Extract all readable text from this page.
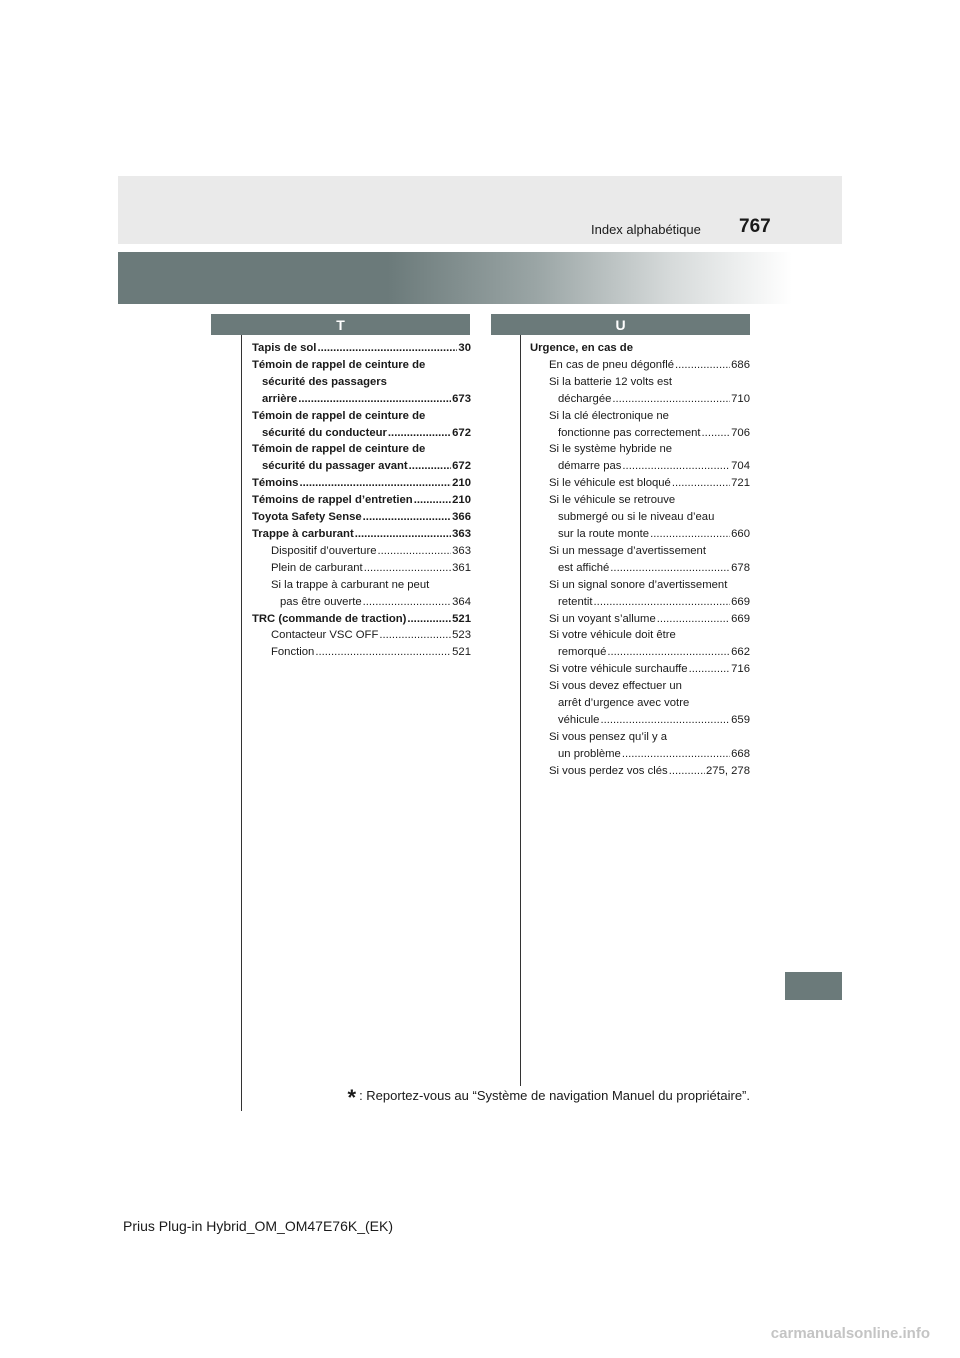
Index alphabétique 767
T	U
Tapis de sol .....	30
Témoin de rappel de ceinture de
sécurité des passagers
arrière .....	673
Témoin de rappel de ceinture de
sécurité du conducteur .....	672
Témoin de rappel de ceinture de
sécurité du passager avant .....	672
Témoins .....	210
Témoins de rappel d’entretien .....	210
Toyota Safety Sense .....	366
Trappe à carburant .....	363
Dispositif d’ouverture .....	363
Plein de carburant .....	361
Si la trappe à carburant ne peut
pas être ouverte .....	364
TRC (commande de traction) .....	521
Contacteur VSC OFF .....	523
Fonction .....	521
Urgence, en cas de
En cas de pneu dégonflé .....	686
Si la batterie 12 volts est
déchargée .....	710
Si la clé électronique ne
fonctionne pas correctement .....	706
Si le système hybride ne
démarre pas .....	704
Si le véhicule est bloqué .....	721
Si le véhicule se retrouve
submergé ou si le niveau d’eau
sur la route monte .....	660
Si un message d’avertissement
est affiché .....	678
Si un signal sonore d’avertissement
retentit .....	669
Si un voyant s’allume .....	669
Si votre véhicule doit être
remorqué .....	662
Si votre véhicule surchauffe .....	716
Si vous devez effectuer un
arrêt d’urgence avec votre
véhicule .....	659
Si vous pensez qu’il y a
un problème .....	668
Si vous perdez vos clés .....	275, 278
* : Reportez-vous au “Système de navigation Manuel du propriétaire”.
Prius Plug-in Hybrid_OM_OM47E76K_(EK)
carmanualsonline.info
